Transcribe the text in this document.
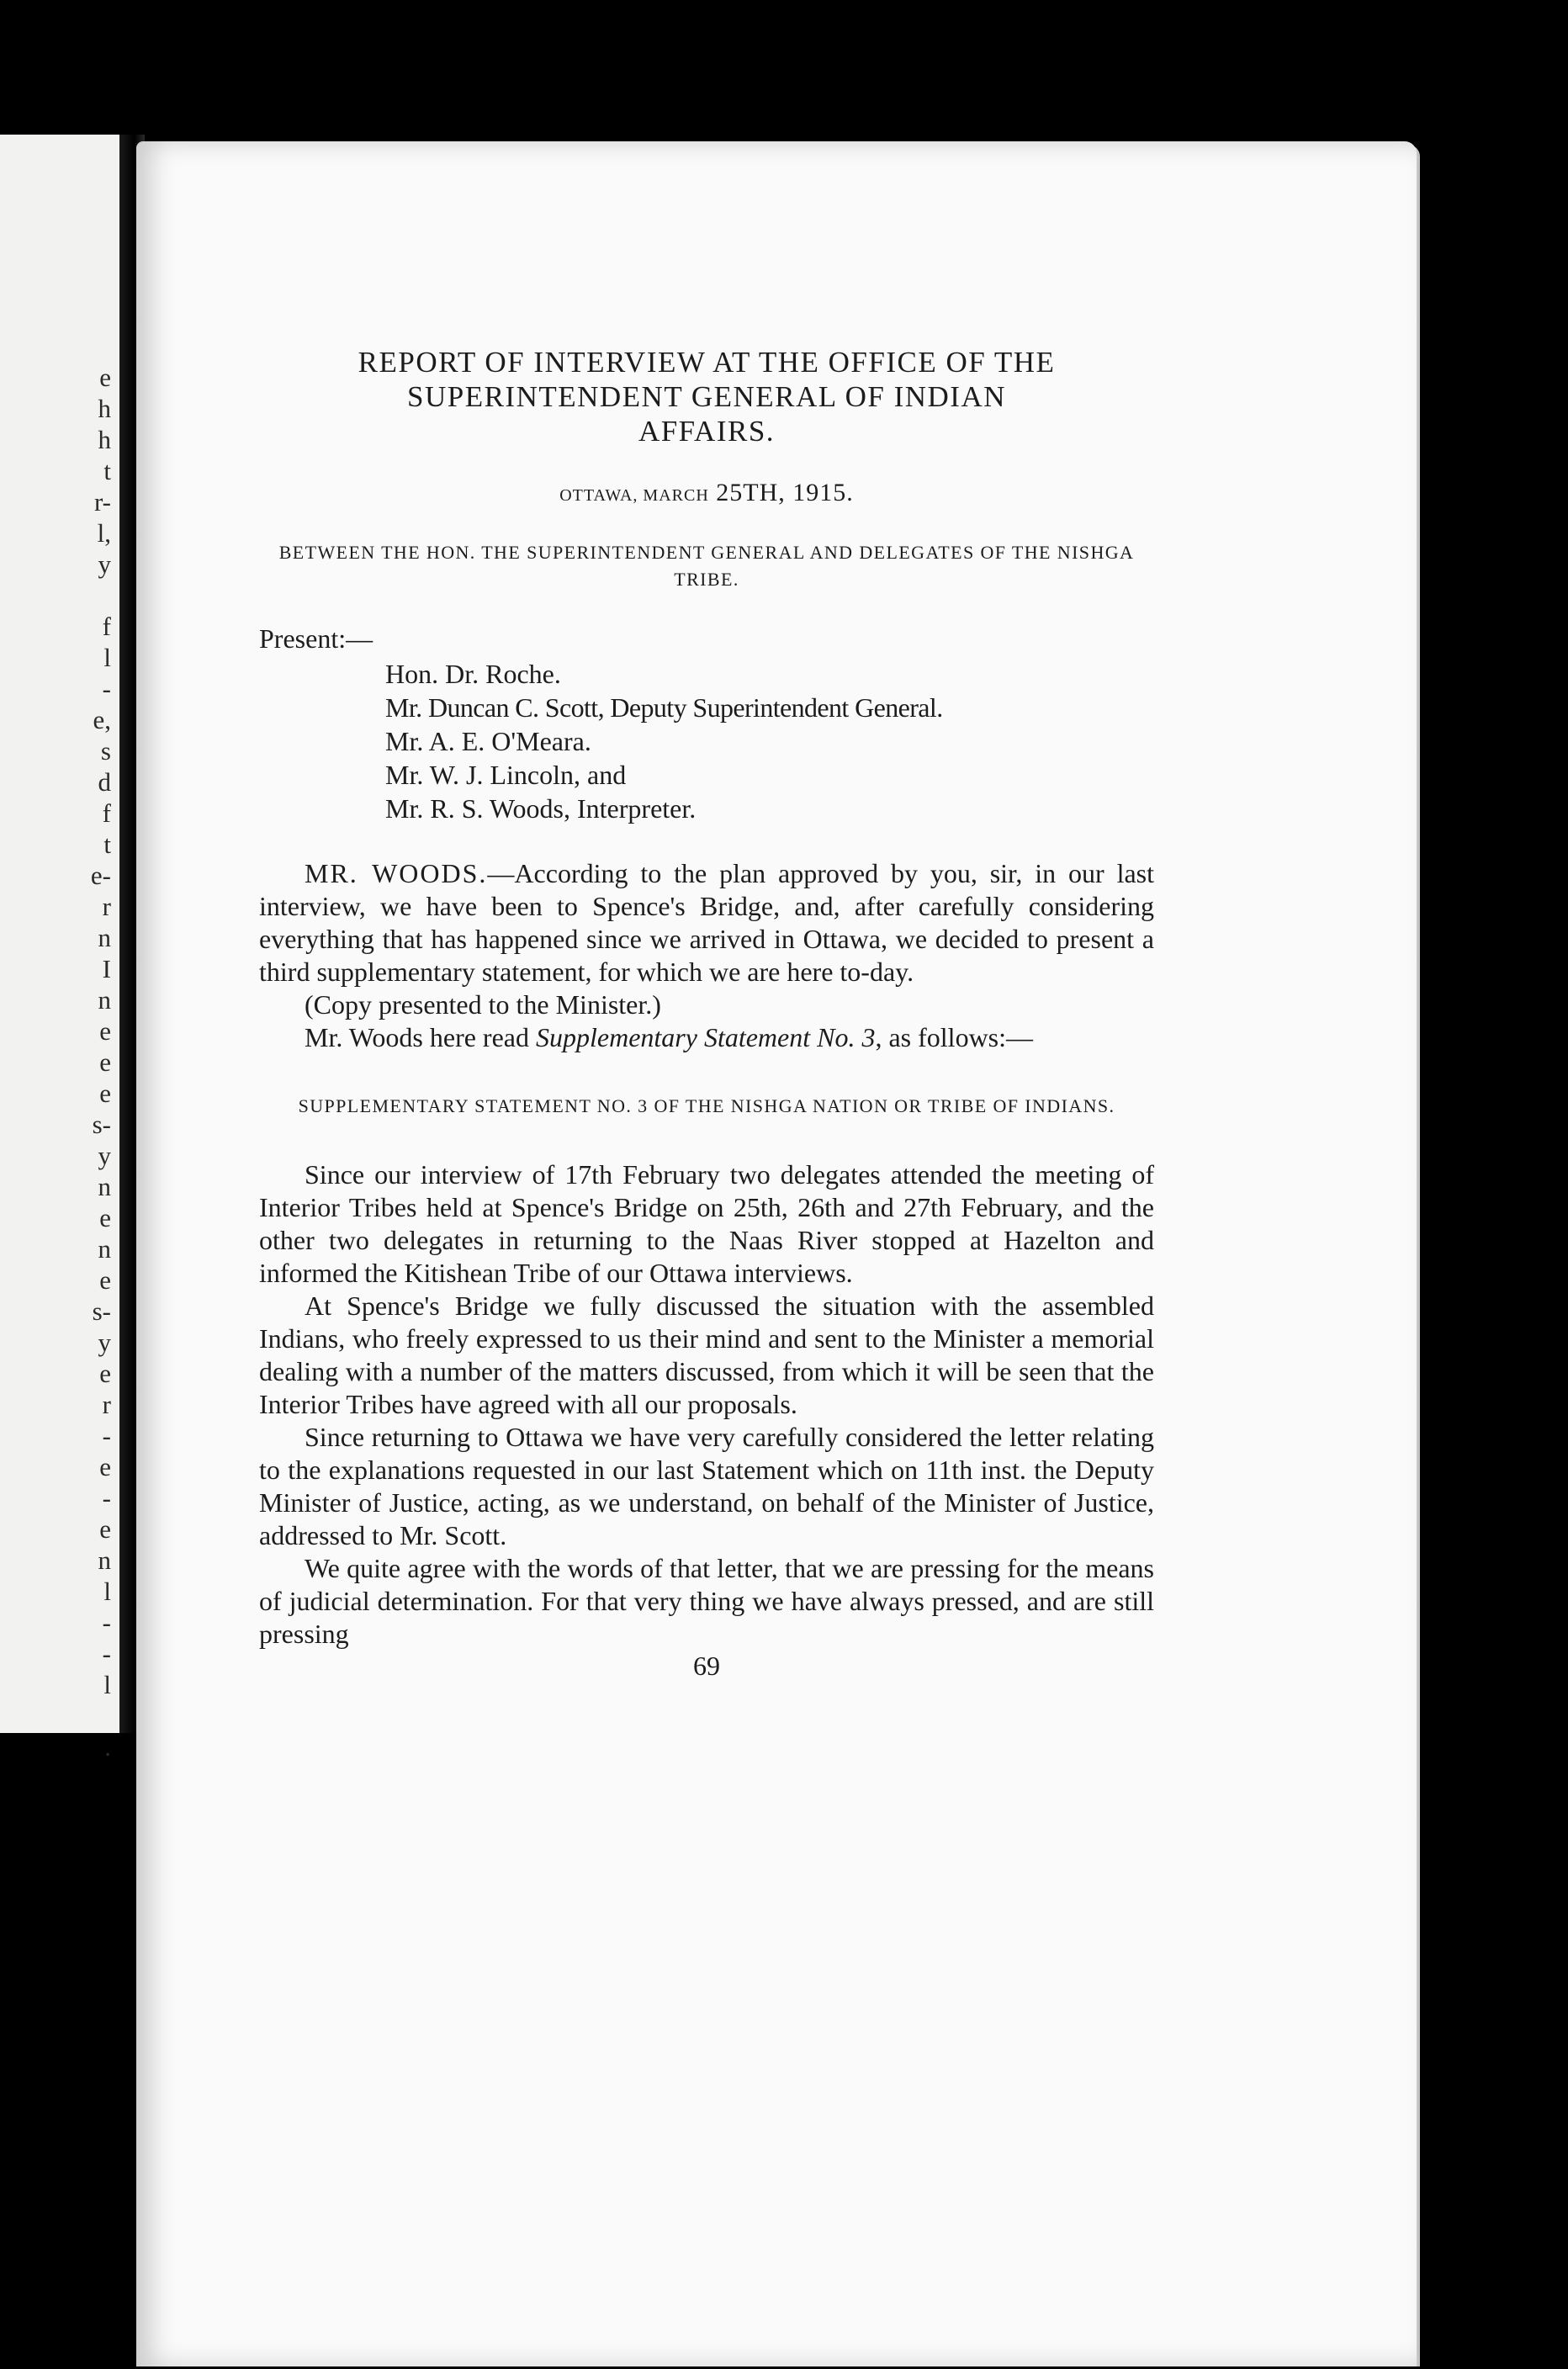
e
h
h
t
r-
l,
y

f
l
-
e,
s
d
f
t
e-
r
n
I
n
e
e
e
s-
y
n
e
n
e
s-
y
e
r
-
e
-
e
n
l
-
-
l

.
REPORT OF INTERVIEW AT THE OFFICE OF THE
SUPERINTENDENT GENERAL OF INDIAN
AFFAIRS.
OTTAWA, MARCH 25TH, 1915.
BETWEEN THE HON. THE SUPERINTENDENT GENERAL AND DELEGATES OF THE NISHGA TRIBE.
Present:—
Hon. Dr. Roche.
Mr. Duncan C. Scott, Deputy Superintendent General.
Mr. A. E. O'Meara.
Mr. W. J. Lincoln, and
Mr. R. S. Woods, Interpreter.

MR. WOODS.—According to the plan approved by you, sir, in our last interview, we have been to Spence's Bridge, and, after carefully considering everything that has happened since we arrived in Ottawa, we decided to present a third supplementary statement, for which we are here to-day.

(Copy presented to the Minister.)

Mr. Woods here read Supplementary Statement No. 3, as follows:—

SUPPLEMENTARY STATEMENT NO. 3 OF THE NISHGA NATION OR TRIBE OF INDIANS.

Since our interview of 17th February two delegates attended the meeting of Interior Tribes held at Spence's Bridge on 25th, 26th and 27th February, and the other two delegates in returning to the Naas River stopped at Hazelton and informed the Kitishean Tribe of our Ottawa interviews.

At Spence's Bridge we fully discussed the situation with the assembled Indians, who freely expressed to us their mind and sent to the Minister a memorial dealing with a number of the matters discussed, from which it will be seen that the Interior Tribes have agreed with all our proposals.

Since returning to Ottawa we have very carefully considered the letter relating to the explanations requested in our last Statement which on 11th inst. the Deputy Minister of Justice, acting, as we understand, on behalf of the Minister of Justice, addressed to Mr. Scott.

We quite agree with the words of that letter, that we are pressing for the means of judicial determination. For that very thing we have always pressed, and are still pressing

69
